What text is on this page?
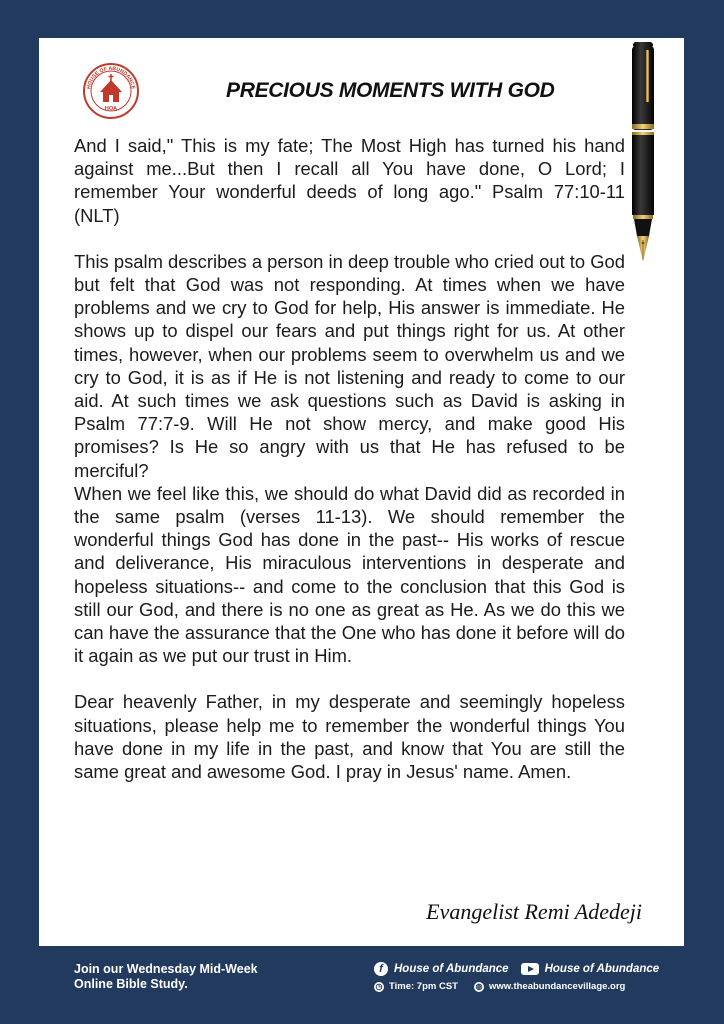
HOUSE OF ABUNDANCE
HOA
PRECIOUS MOMENTS WITH GOD

And I said," This is my fate; The Most High has turned his hand against me...But then I recall all You have done, O Lord; I remember Your wonderful deeds of long ago." Psalm 77:10-11 (NLT)

This psalm describes a person in deep trouble who cried out to God but felt that God was not responding. At times when we have problems and we cry to God for help, His answer is immediate. He shows up to dispel our fears and put things right for us. At other times, however, when our problems seem to overwhelm us and we cry to God, it is as if He is not listening and ready to come to our aid. At such times we ask questions such as David is asking in Psalm 77:7-9. Will He not show mercy, and make good His promises? Is He so angry with us that He has refused to be merciful?

When we feel like this, we should do what David did as recorded in the same psalm (verses 11-13). We should remember the wonderful things God has done in the past-- His works of rescue and deliverance, His miraculous interventions in desperate and hopeless situations-- and come to the conclusion that this God is still our God, and there is no one as great as He. As we do this we can have the assurance that the One who has done it before will do it again as we put our trust in Him.

Dear heavenly Father, in my desperate and seemingly hopeless situations, please help me to remember the wonderful things You have done in my life in the past, and know that You are still the same great and awesome God. I pray in Jesus' name. Amen.

Evangelist Remi Adedeji
Join our Wednesday Mid-Week
Online Bible Study.
f House of Abundance	House of Abundance
◷ Time: 7pm CST ◍ www.theabundancevillage.org
